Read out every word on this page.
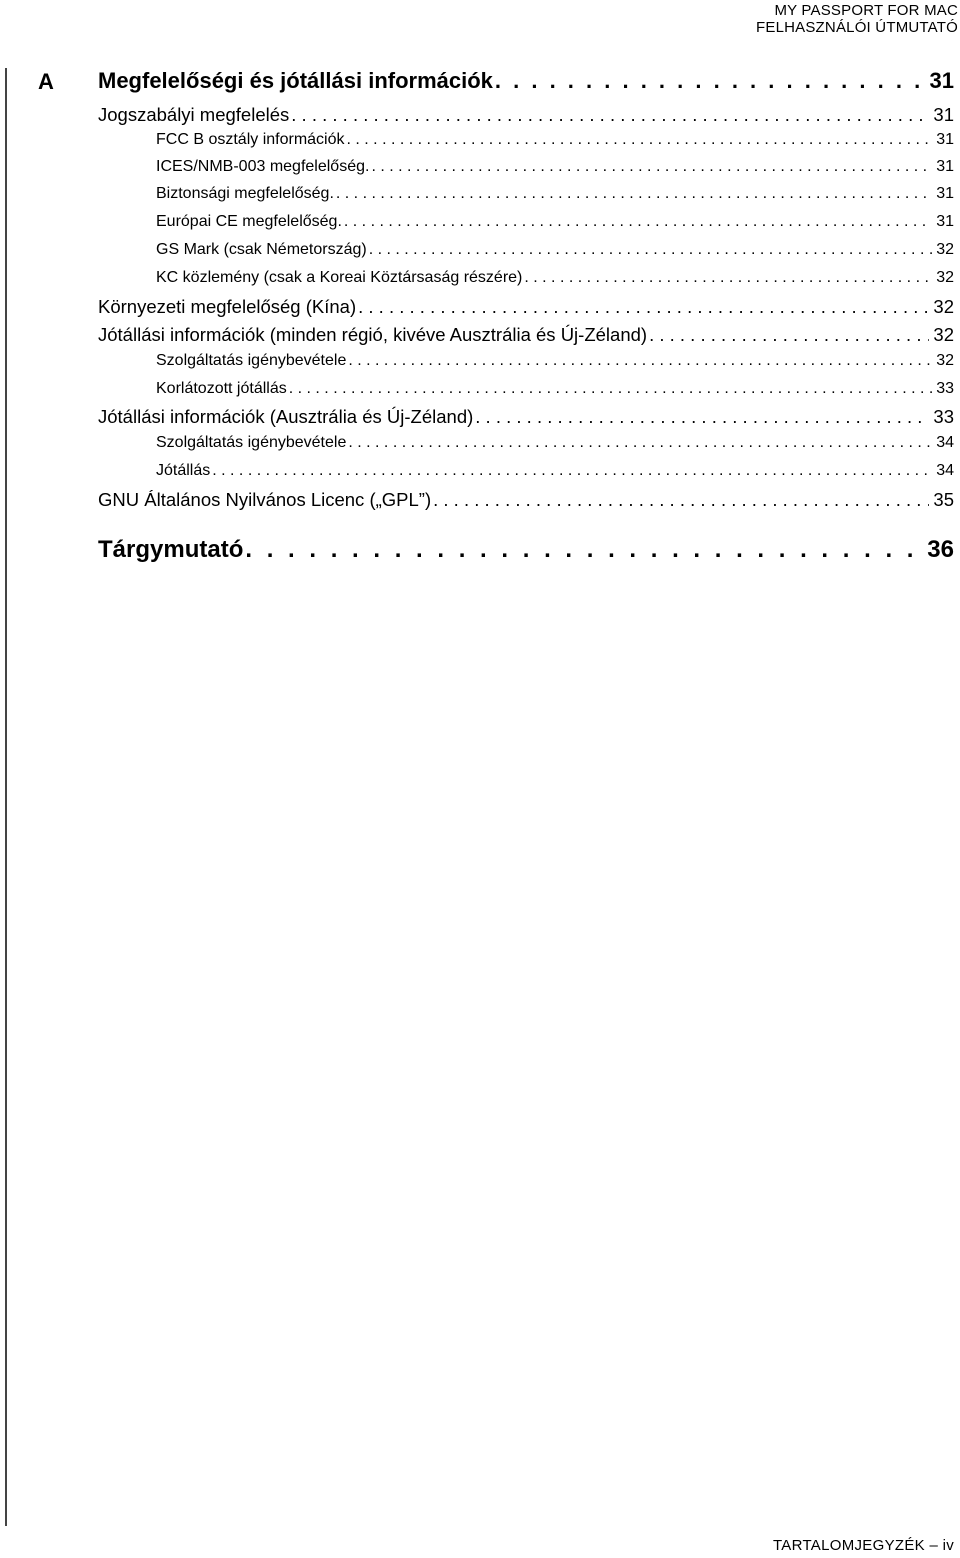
MY PASSPORT FOR MAC
FELHASZNÁLÓI ÚTMUTATÓ
A Megfelelőségi és jótállási információk . . .	31
Jogszabályi megfelelés . . .	31
FCC B osztály információk . . .	31
ICES/NMB-003 megfelelőség. . . .	31
Biztonsági megfelelőség. . . .	31
Európai CE megfelelőség. . . .	31
GS Mark (csak Németország) . . .	32
KC közlemény (csak a Koreai Köztársaság részére) . . .	32
Környezeti megfelelőség (Kína) . . .	32
Jótállási információk (minden régió, kivéve Ausztrália és Új-Zéland) . . .	32
Szolgáltatás igénybevétele . . .	32
Korlátozott jótállás . . .	33
Jótállási információk (Ausztrália és Új-Zéland) . . .	33
Szolgáltatás igénybevétele . . .	34
Jótállás . . .	34
GNU Általános Nyilvános Licenc („GPL”) . . .	35
Tárgymutató . . .	36
TARTALOMJEGYZÉK – iv
